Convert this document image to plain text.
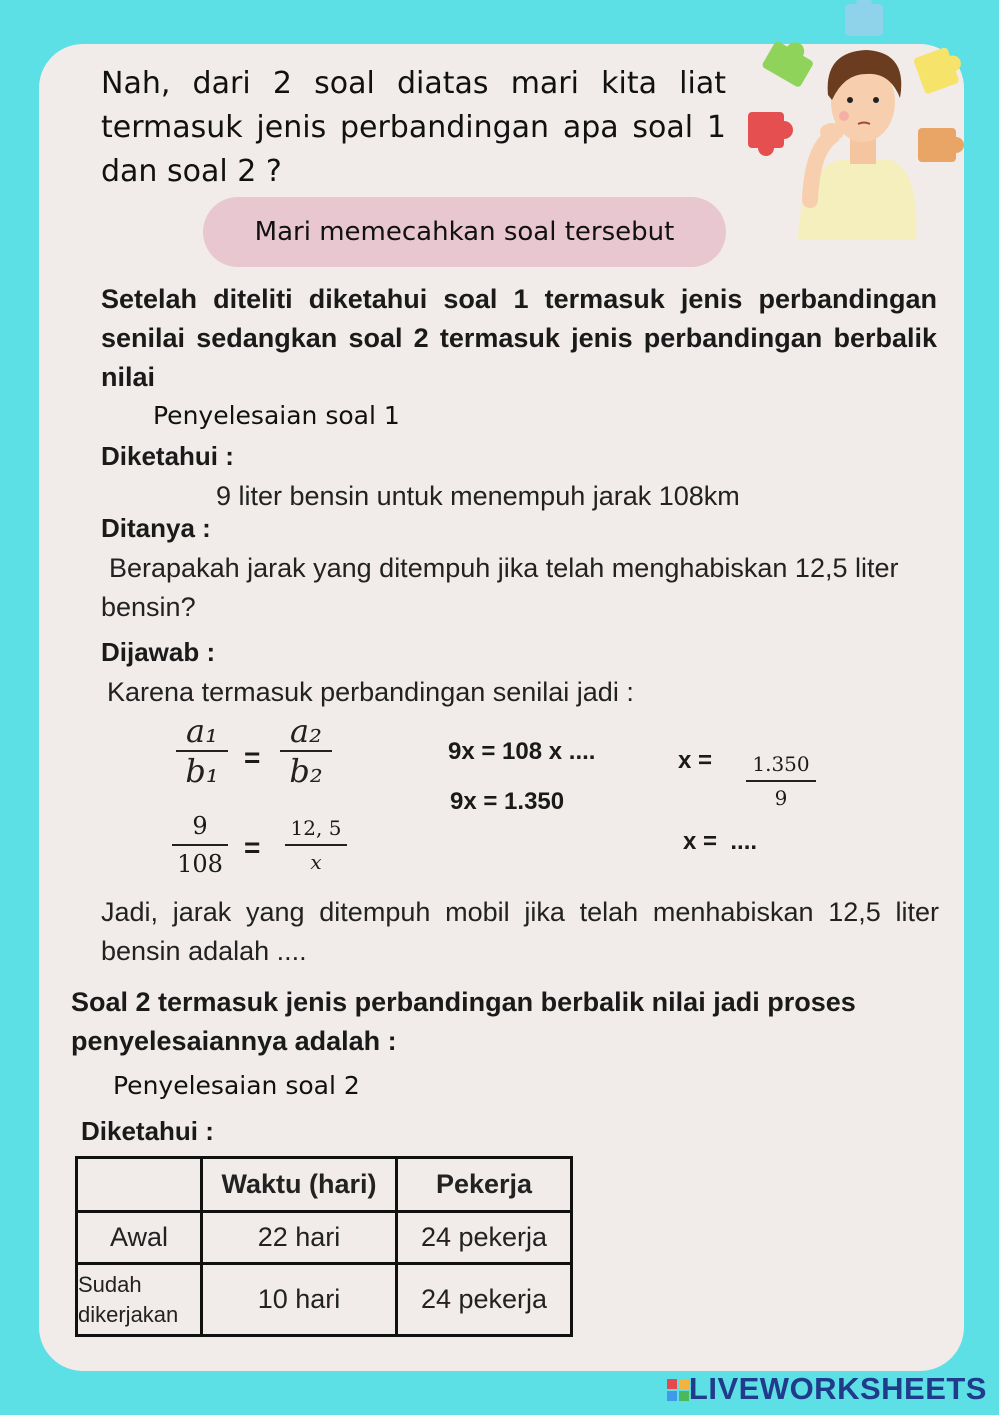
Nah, dari 2 soal diatas mari kita liat termasuk jenis perbandingan apa soal 1 dan soal 2 ?
Mari memecahkan soal tersebut
Setelah diteliti diketahui soal 1 termasuk jenis perbandingan senilai sedangkan soal 2 termasuk jenis perbandingan berbalik nilai
Penyelesaian soal 1
Diketahui :
9 liter bensin untuk menempuh jarak 108km
Ditanya :
Berapakah jarak yang ditempuh jika telah menghabiskan 12,5 liter bensin?
Dijawab :
Karena termasuk perbandingan senilai jadi :
a₁
b₁ =
a₂
b₂
9
108
=
12, 5
x
9x = 108 x ....
9x = 1.350
x =	1.350
9
x =  ....
Jadi, jarak yang ditempuh mobil jika telah menhabiskan 12,5 liter bensin adalah ....
Soal 2 termasuk jenis perbandingan berbalik nilai jadi proses penyelesaiannya adalah :
Penyelesaian soal 2
Diketahui :
	Waktu (hari)	Pekerja
Awal	22 hari	24 pekerja
Sudah dikerjakan	10 hari	24 pekerja
LIVEWORKSHEETS
